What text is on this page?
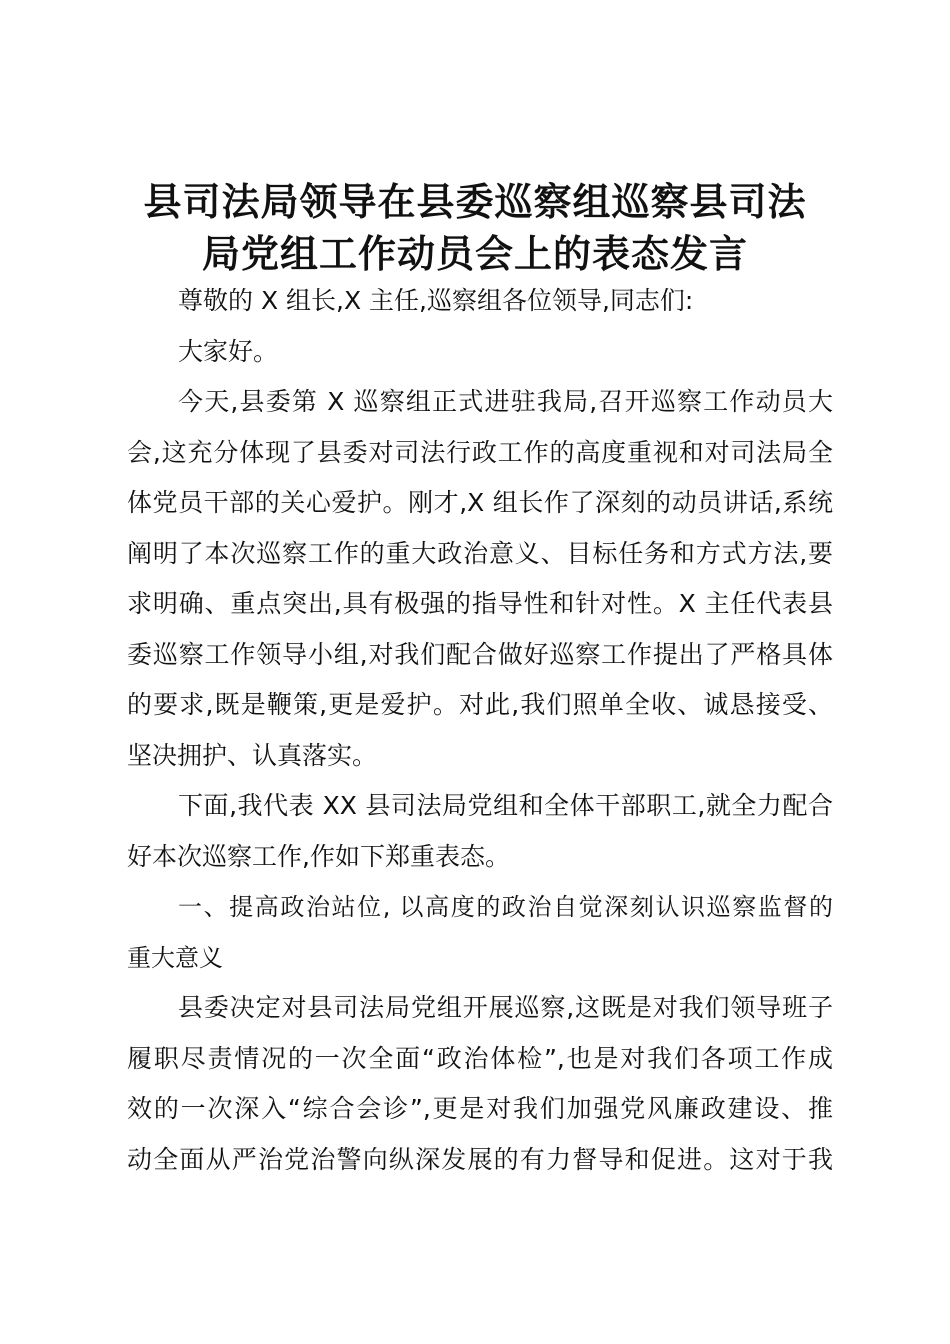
县司法局领导在县委巡察组巡察县司法
局党组工作动员会上的表态发言
尊敬的 X 组长,X 主任,巡察组各位领导,同志们:
大家好。
今天,县委第 X 巡察组正式进驻我局,召开巡察工作动员大
会,这充分体现了县委对司法行政工作的高度重视和对司法局全
体党员干部的关心爱护。刚才,X 组长作了深刻的动员讲话,系统
阐明了本次巡察工作的重大政治意义、目标任务和方式方法,要
求明确、重点突出,具有极强的指导性和针对性。X 主任代表县
委巡察工作领导小组,对我们配合做好巡察工作提出了严格具体
的要求,既是鞭策,更是爱护。对此,我们照单全收、诚恳接受、
坚决拥护、认真落实。
下面,我代表 XX 县司法局党组和全体干部职工,就全力配合
好本次巡察工作,作如下郑重表态。
一、提高政治站位, 以高度的政治自觉深刻认识巡察监督的
重大意义
县委决定对县司法局党组开展巡察,这既是对我们领导班子
履职尽责情况的一次全面“政治体检”,也是对我们各项工作成
效的一次深入“综合会诊”,更是对我们加强党风廉政建设、推
动全面从严治党治警向纵深发展的有力督导和促进。这对于我
